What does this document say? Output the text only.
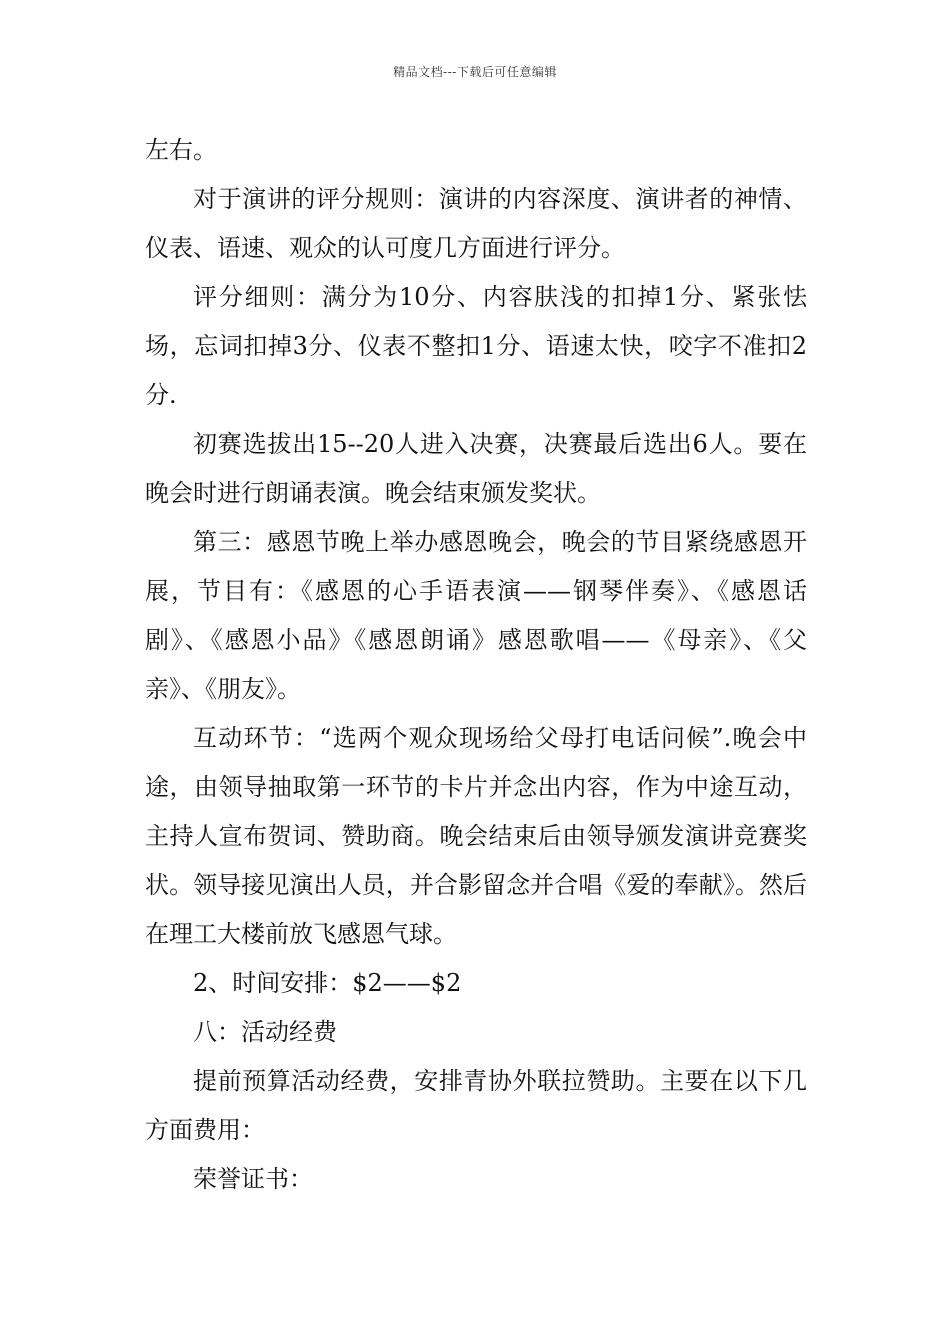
精品文档---下载后可任意编辑

左右。

对于演讲的评分规则：演讲的内容深度、演讲者的神情、仪表、语速、观众的认可度几方面进行评分。

评分细则：满分为10分、内容肤浅的扣掉1分、紧张怯场，忘词扣掉3分、仪表不整扣1分、语速太快，咬字不准扣2分.

初赛选拔出15--20人进入决赛，决赛最后选出6人。要在晚会时进行朗诵表演。晚会结束颁发奖状。

第三：感恩节晚上举办感恩晚会，晚会的节目紧绕感恩开展，节目有：《感恩的心手语表演——钢琴伴奏》、《感恩话剧》、《感恩小品》《感恩朗诵》感恩歌唱——《母亲》、《父亲》、《朋友》。

互动环节：“选两个观众现场给父母打电话问候”.晚会中途，由领导抽取第一环节的卡片并念出内容，作为中途互动，主持人宣布贺词、赞助商。晚会结束后由领导颁发演讲竞赛奖状。领导接见演出人员，并合影留念并合唱《爱的奉献》。然后在理工大楼前放飞感恩气球。

2、时间安排：$2——$2

八：活动经费

提前预算活动经费，安排青协外联拉赞助。主要在以下几方面费用：

荣誉证书：
